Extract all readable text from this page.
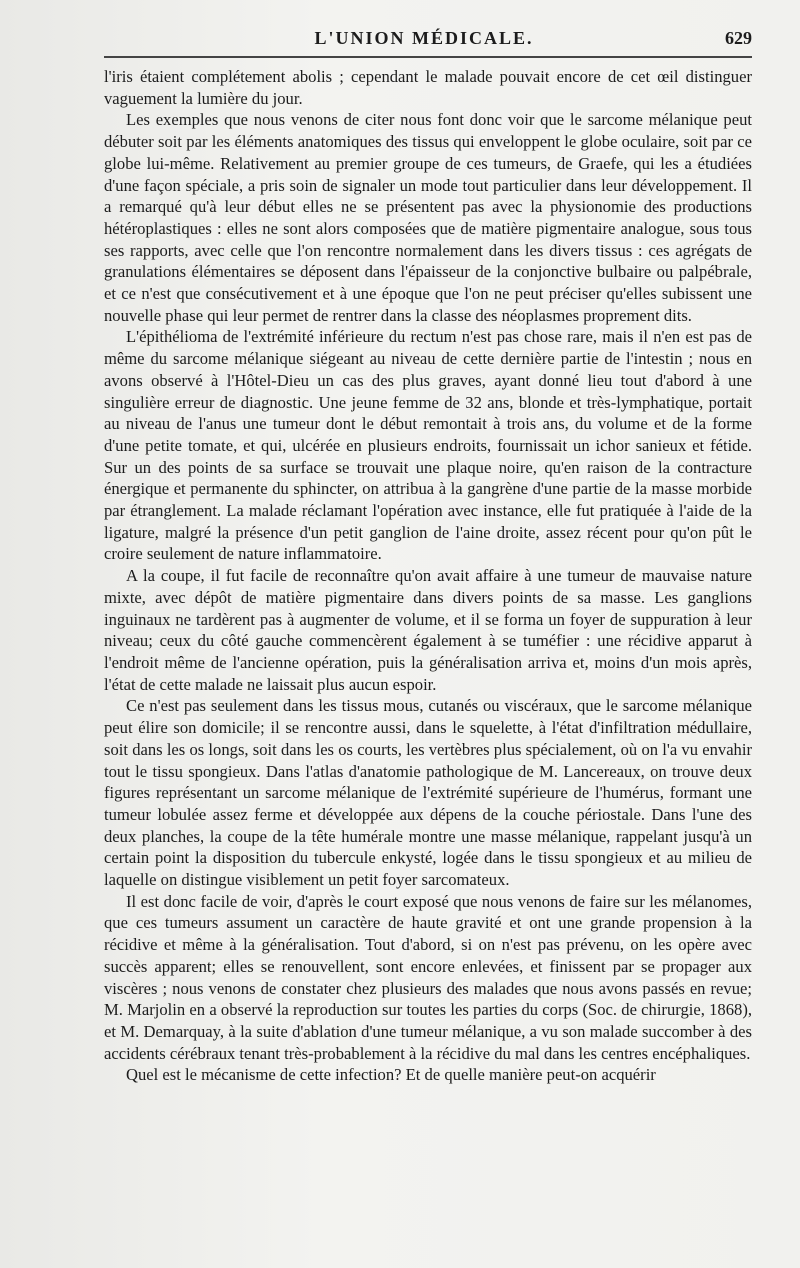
L'UNION MÉDICALE.	629

l'iris étaient complétement abolis ; cependant le malade pouvait encore de cet œil distinguer vaguement la lumière du jour.

Les exemples que nous venons de citer nous font donc voir que le sarcome mélanique peut débuter soit par les éléments anatomiques des tissus qui enveloppent le globe oculaire, soit par ce globe lui-même. Relativement au premier groupe de ces tumeurs, de Graefe, qui les a étudiées d'une façon spéciale, a pris soin de signaler un mode tout particulier dans leur développement. Il a remarqué qu'à leur début elles ne se présentent pas avec la physionomie des productions hétéroplastiques : elles ne sont alors composées que de matière pigmentaire analogue, sous tous ses rapports, avec celle que l'on rencontre normalement dans les divers tissus : ces agrégats de granulations élémentaires se déposent dans l'épaisseur de la conjonctive bulbaire ou palpébrale, et ce n'est que consécutivement et à une époque que l'on ne peut préciser qu'elles subissent une nouvelle phase qui leur permet de rentrer dans la classe des néoplasmes proprement dits.

L'épithélioma de l'extrémité inférieure du rectum n'est pas chose rare, mais il n'en est pas de même du sarcome mélanique siégeant au niveau de cette dernière partie de l'intestin ; nous en avons observé à l'Hôtel-Dieu un cas des plus graves, ayant donné lieu tout d'abord à une singulière erreur de diagnostic. Une jeune femme de 32 ans, blonde et très-lymphatique, portait au niveau de l'anus une tumeur dont le début remontait à trois ans, du volume et de la forme d'une petite tomate, et qui, ulcérée en plusieurs endroits, fournissait un ichor sanieux et fétide. Sur un des points de sa surface se trouvait une plaque noire, qu'en raison de la contracture énergique et permanente du sphincter, on attribua à la gangrène d'une partie de la masse morbide par étranglement. La malade réclamant l'opération avec instance, elle fut pratiquée à l'aide de la ligature, malgré la présence d'un petit ganglion de l'aine droite, assez récent pour qu'on pût le croire seulement de nature inflammatoire.

A la coupe, il fut facile de reconnaître qu'on avait affaire à une tumeur de mauvaise nature mixte, avec dépôt de matière pigmentaire dans divers points de sa masse. Les ganglions inguinaux ne tardèrent pas à augmenter de volume, et il se forma un foyer de suppuration à leur niveau; ceux du côté gauche commencèrent également à se tuméfier : une récidive apparut à l'endroit même de l'ancienne opération, puis la généralisation arriva et, moins d'un mois après, l'état de cette malade ne laissait plus aucun espoir.

Ce n'est pas seulement dans les tissus mous, cutanés ou viscéraux, que le sarcome mélanique peut élire son domicile; il se rencontre aussi, dans le squelette, à l'état d'infiltration médullaire, soit dans les os longs, soit dans les os courts, les vertèbres plus spécialement, où on l'a vu envahir tout le tissu spongieux. Dans l'atlas d'anatomie pathologique de M. Lancereaux, on trouve deux figures représentant un sarcome mélanique de l'extrémité supérieure de l'humérus, formant une tumeur lobulée assez ferme et développée aux dépens de la couche périostale. Dans l'une des deux planches, la coupe de la tête humérale montre une masse mélanique, rappelant jusqu'à un certain point la disposition du tubercule enkysté, logée dans le tissu spongieux et au milieu de laquelle on distingue visiblement un petit foyer sarcomateux.

Il est donc facile de voir, d'après le court exposé que nous venons de faire sur les mélanomes, que ces tumeurs assument un caractère de haute gravité et ont une grande propension à la récidive et même à la généralisation. Tout d'abord, si on n'est pas prévenu, on les opère avec succès apparent; elles se renouvellent, sont encore enlevées, et finissent par se propager aux viscères ; nous venons de constater chez plusieurs des malades que nous avons passés en revue; M. Marjolin en a observé la reproduction sur toutes les parties du corps (Soc. de chirurgie, 1868), et M. Demarquay, à la suite d'ablation d'une tumeur mélanique, a vu son malade succomber à des accidents cérébraux tenant très-probablement à la récidive du mal dans les centres encéphaliques.

Quel est le mécanisme de cette infection? Et de quelle manière peut-on acquérir
